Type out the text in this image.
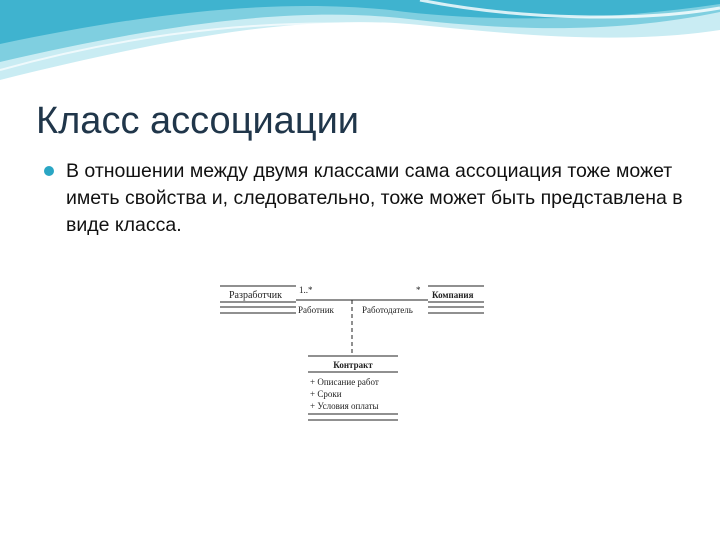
Класс ассоциации
В отношении между двумя классами сама ассоциация тоже может иметь свойства и, следовательно, тоже может быть представлена в виде класса.
Разработчик 1..*	*
Работник	Работодатель
Компания
Контракт
+ Описание работ
+ Сроки
+ Условия оплаты
